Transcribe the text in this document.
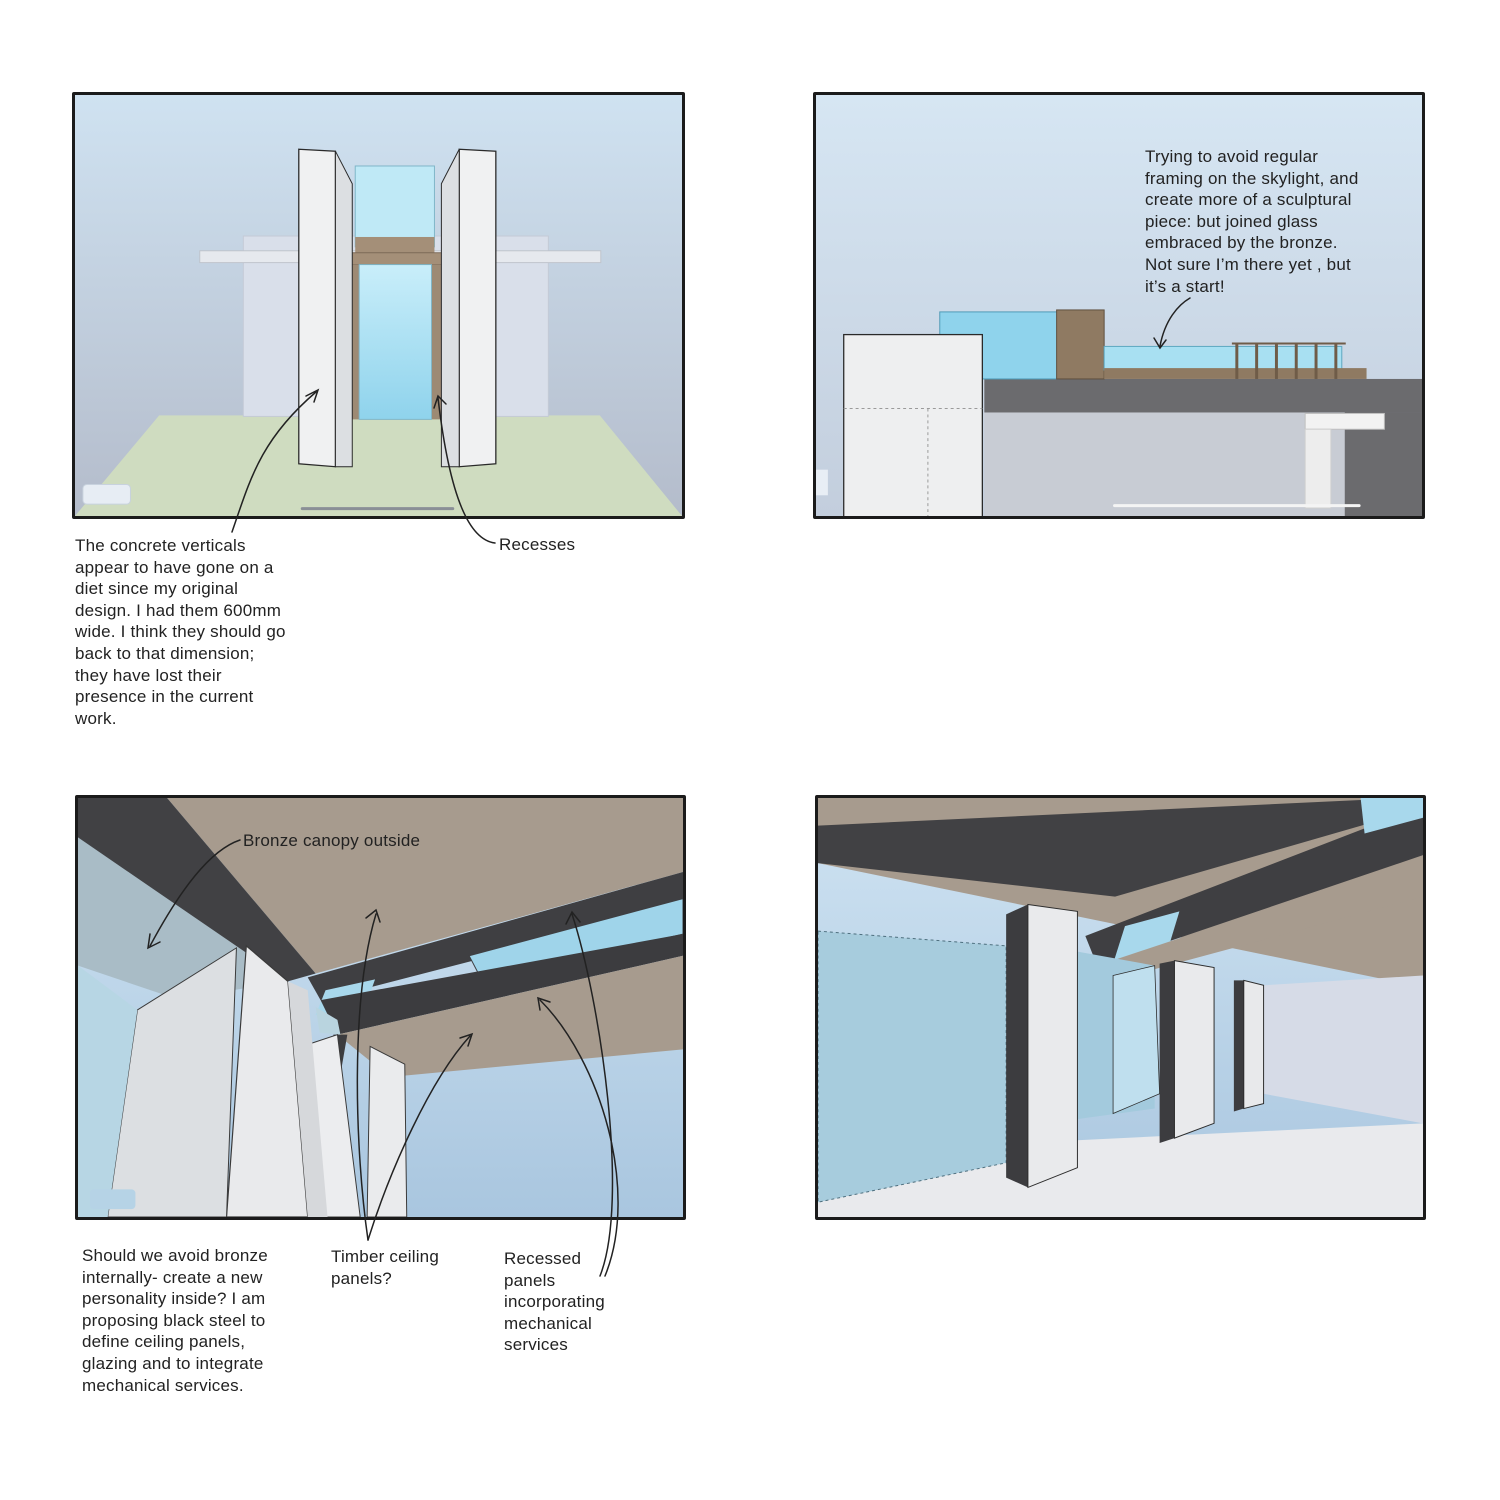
The concrete verticals
appear to have gone on a
diet since my original
design. I had them 600mm
wide. I think they should go
back to that dimension;
they have lost their
presence in the current
work.

Recesses

Trying to avoid regular
framing on the skylight, and
create more of a sculptural
piece: but joined glass
embraced by the bronze.
Not sure I’m there yet , but
it’s a start!

Bronze canopy outside

Should we avoid bronze
internally- create a new
personality inside? I am
proposing black steel to
define ceiling panels,
glazing and to integrate
mechanical services.

Timber ceiling
panels?

Recessed
panels
incorporating
mechanical
services
